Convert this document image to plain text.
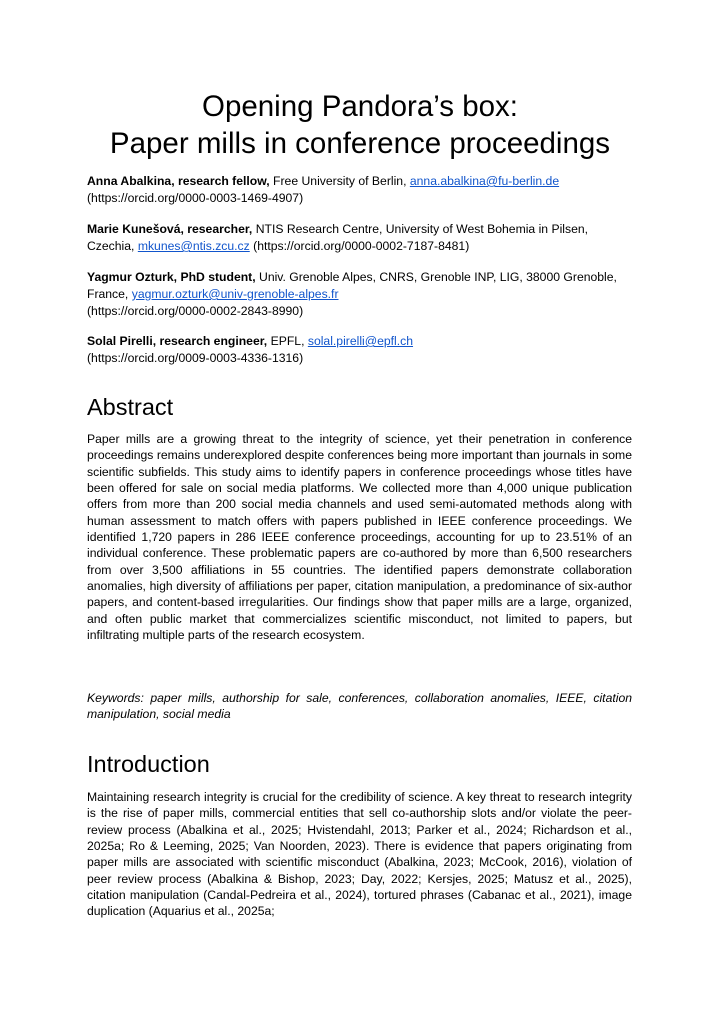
Opening Pandora’s box:
Paper mills in conference proceedings
Anna Abalkina, research fellow, Free University of Berlin, anna.abalkina@fu-berlin.de
(https://orcid.org/0000-0003-1469-4907)
Marie Kunešová, researcher, NTIS Research Centre, University of West Bohemia in Pilsen, Czechia, mkunes@ntis.zcu.cz (https://orcid.org/0000-0002-7187-8481)
Yagmur Ozturk, PhD student, Univ. Grenoble Alpes, CNRS, Grenoble INP, LIG, 38000 Grenoble, France, yagmur.ozturk@univ-grenoble-alpes.fr
(https://orcid.org/0000-0002-2843-8990)
Solal Pirelli, research engineer, EPFL, solal.pirelli@epfl.ch
(https://orcid.org/0009-0003-4336-1316)
Abstract

Paper mills are a growing threat to the integrity of science, yet their penetration in conference proceedings remains underexplored despite conferences being more important than journals in some scientific subfields. This study aims to identify papers in conference proceedings whose titles have been offered for sale on social media platforms. We collected more than 4,000 unique publication offers from more than 200 social media channels and used semi-automated methods along with human assessment to match offers with papers published in IEEE conference proceedings. We identified 1,720 papers in 286 IEEE conference proceedings, accounting for up to 23.51% of an individual conference. These problematic papers are co-authored by more than 6,500 researchers from over 3,500 affiliations in 55 countries. The identified papers demonstrate collaboration anomalies, high diversity of affiliations per paper, citation manipulation, a predominance of six-author papers, and content-based irregularities. Our findings show that paper mills are a large, organized, and often public market that commercializes scientific misconduct, not limited to papers, but infiltrating multiple parts of the research ecosystem.

Keywords: paper mills, authorship for sale, conferences, collaboration anomalies, IEEE, citation manipulation, social media

Introduction

Maintaining research integrity is crucial for the credibility of science. A key threat to research integrity is the rise of paper mills, commercial entities that sell co-authorship slots and/or violate the peer-review process (Abalkina et al., 2025; Hvistendahl, 2013; Parker et al., 2024; Richardson et al., 2025a; Ro & Leeming, 2025; Van Noorden, 2023). There is evidence that papers originating from paper mills are associated with scientific misconduct (Abalkina, 2023; McCook, 2016), violation of peer review process (Abalkina & Bishop, 2023; Day, 2022; Kersjes, 2025; Matusz et al., 2025), citation manipulation (Candal-Pedreira et al., 2024), tortured phrases (Cabanac et al., 2021), image duplication (Aquarius et al., 2025a;
